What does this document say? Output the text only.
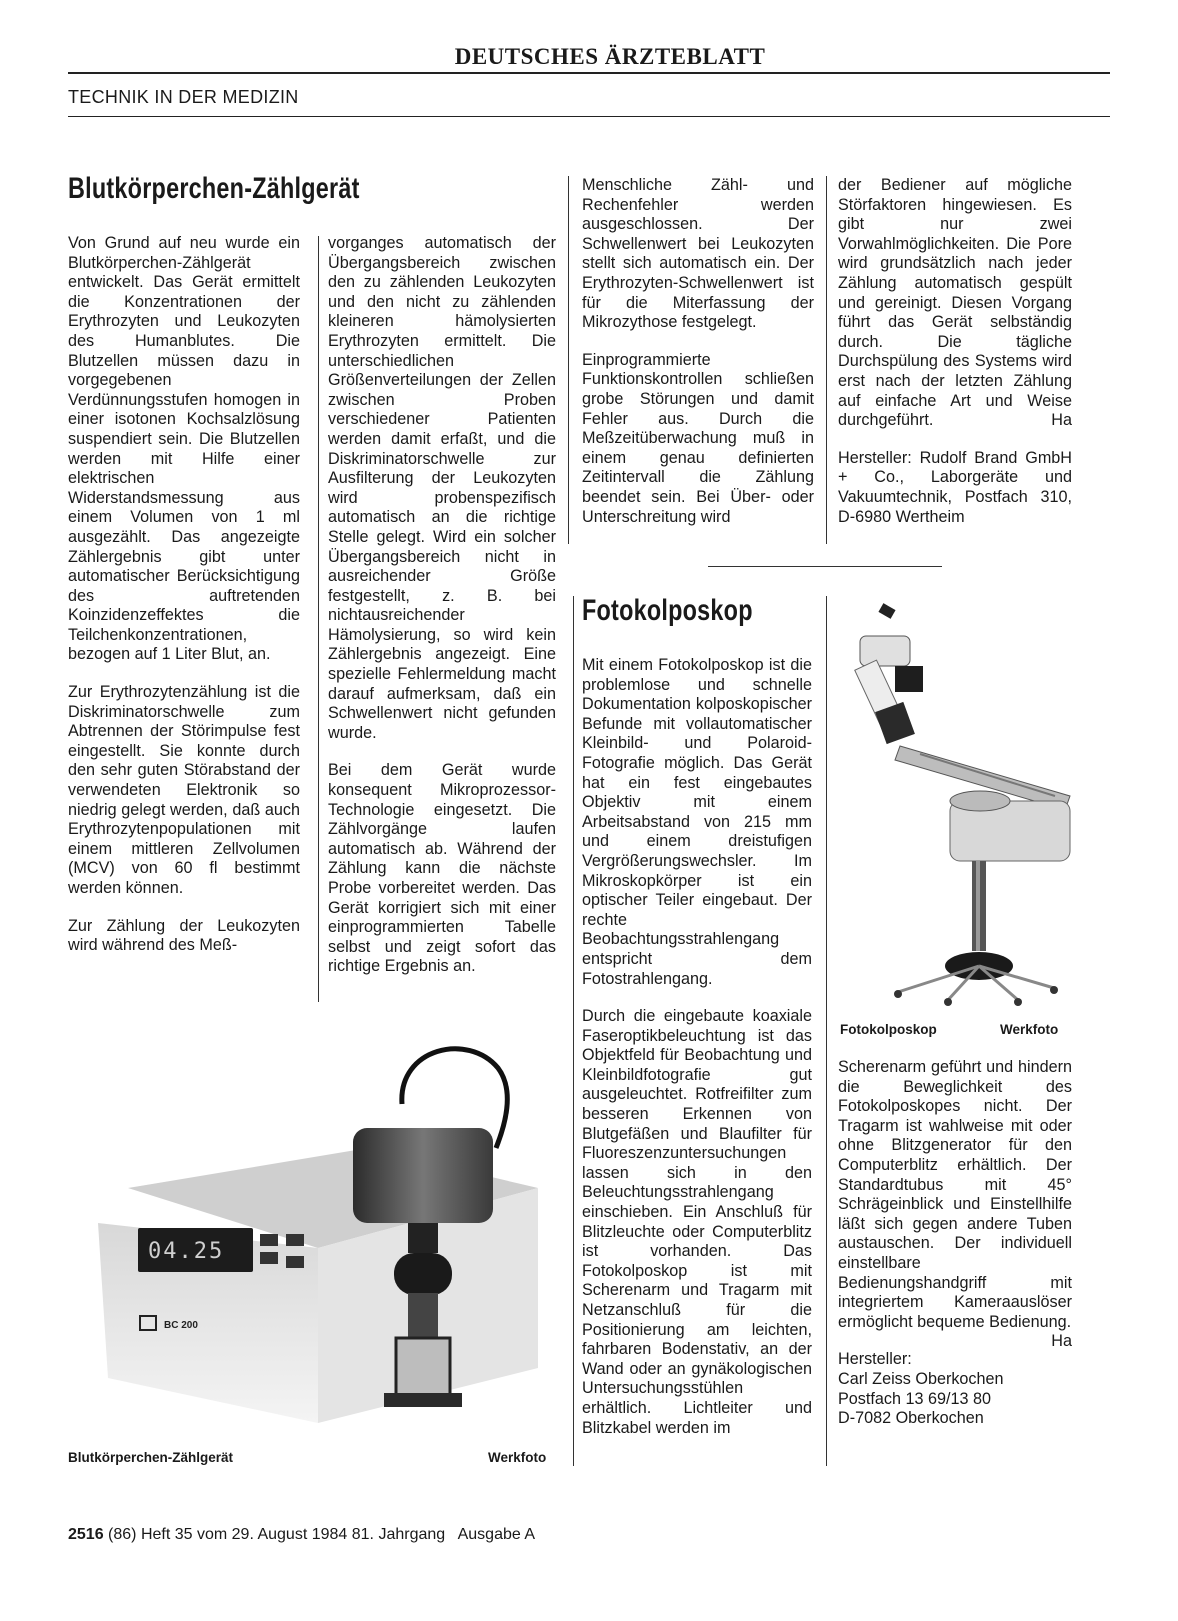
DEUTSCHES ÄRZTEBLATT
TECHNIK IN DER MEDIZIN
Blutkörperchen-Zählgerät

Von Grund auf neu wurde ein Blutkörperchen-Zählgerät entwickelt. Das Gerät ermittelt die Konzentrationen der Erythrozyten und Leukozyten des Humanblutes. Die Blutzellen müssen dazu in vorgegebenen Verdünnungsstufen homogen in einer isotonen Kochsalzlösung suspendiert sein. Die Blutzellen werden mit Hilfe einer elektrischen Widerstandsmessung aus einem Volumen von 1 ml ausgezählt. Das angezeigte Zählergebnis gibt unter automatischer Berücksichtigung des auftretenden Koinzidenzeffektes die Teilchenkonzentrationen, bezogen auf 1 Liter Blut, an.

Zur Erythrozytenzählung ist die Diskriminatorschwelle zum Abtrennen der Störimpulse fest eingestellt. Sie konnte durch den sehr guten Störabstand der verwendeten Elektronik so niedrig gelegt werden, daß auch Erythrozytenpopulationen mit einem mittleren Zellvolumen (MCV) von 60 fl bestimmt werden können.

Zur Zählung der Leukozyten wird während des Meß-

vorganges automatisch der Übergangsbereich zwischen den zu zählenden Leukozyten und den nicht zu zählenden kleineren hämolysierten Erythrozyten ermittelt. Die unterschiedlichen Größenverteilungen der Zellen zwischen Proben verschiedener Patienten werden damit erfaßt, und die Diskriminatorschwelle zur Ausfilterung der Leukozyten wird probenspezifisch automatisch an die richtige Stelle gelegt. Wird ein solcher Übergangsbereich nicht in ausreichender Größe festgestellt, z. B. bei nichtausreichender Hämolysierung, so wird kein Zählergebnis angezeigt. Eine spezielle Fehlermeldung macht darauf aufmerksam, daß ein Schwellenwert nicht gefunden wurde.

Bei dem Gerät wurde konsequent Mikroprozessor-Technologie eingesetzt. Die Zählvorgänge laufen automatisch ab. Während der Zählung kann die nächste Probe vorbereitet werden. Das Gerät korrigiert sich mit einer einprogrammierten Tabelle selbst und zeigt sofort das richtige Ergebnis an.

Menschliche Zähl- und Rechenfehler werden ausgeschlossen. Der Schwellenwert bei Leukozyten stellt sich automatisch ein. Der Erythrozyten-Schwellenwert ist für die Miterfassung der Mikrozythose festgelegt.

Einprogrammierte Funktionskontrollen schließen grobe Störungen und damit Fehler aus. Durch die Meßzeitüberwachung muß in einem genau definierten Zeitintervall die Zählung beendet sein. Bei Über- oder Unterschreitung wird

der Bediener auf mögliche Störfaktoren hingewiesen. Es gibt nur zwei Vorwahlmöglichkeiten. Die Pore wird grundsätzlich nach jeder Zählung automatisch gespült und gereinigt. Diesen Vorgang führt das Gerät selbständig durch. Die tägliche Durchspülung des Systems wird erst nach der letzten Zählung auf einfache Art und Weise durchgeführt.	Ha

Hersteller: Rudolf Brand GmbH + Co., Laborgeräte und Vakuumtechnik, Postfach 310, D-6980 Wertheim

04.25
BC 200
Blutkörperchen-Zählgerät	Werkfoto
Fotokolposkop

Mit einem Fotokolposkop ist die problemlose und schnelle Dokumentation kolposkopischer Befunde mit vollautomatischer Kleinbild- und Polaroid-Fotografie möglich. Das Gerät hat ein fest eingebautes Objektiv mit einem Arbeitsabstand von 215 mm und einem dreistufigen Vergrößerungswechsler. Im Mikroskopkörper ist ein optischer Teiler eingebaut. Der rechte Beobachtungsstrahlengang entspricht dem Fotostrahlengang.

Durch die eingebaute koaxiale Faseroptikbeleuchtung ist das Objektfeld für Beobachtung und Kleinbildfotografie gut ausgeleuchtet. Rotfreifilter zum besseren Erkennen von Blutgefäßen und Blaufilter für Fluoreszenzuntersuchungen lassen sich in den Beleuchtungsstrahlengang einschieben. Ein Anschluß für Blitzleuchte oder Computerblitz ist vorhanden. Das Fotokolposkop ist mit Scherenarm und Tragarm mit Netzanschluß für die Positionierung am leichten, fahrbaren Bodenstativ, an der Wand oder an gynäkologischen Untersuchungsstühlen erhältlich. Lichtleiter und Blitzkabel werden im

Fotokolposkop	Werkfoto

Scherenarm geführt und hindern die Beweglichkeit des Fotokolposkopes nicht. Der Tragarm ist wahlweise mit oder ohne Blitzgenerator für den Computerblitz erhältlich. Der Standardtubus mit 45° Schrägeinblick und Einstellhilfe läßt sich gegen andere Tuben austauschen. Der individuell einstellbare Bedienungshandgriff mit integriertem Kameraauslöser ermöglicht bequeme Bedienung.
Ha

Hersteller:
Carl Zeiss Oberkochen
Postfach 13 69/13 80
D-7082 Oberkochen
2516 (86) Heft 35 vom 29. August 1984 81. Jahrgang   Ausgabe A
